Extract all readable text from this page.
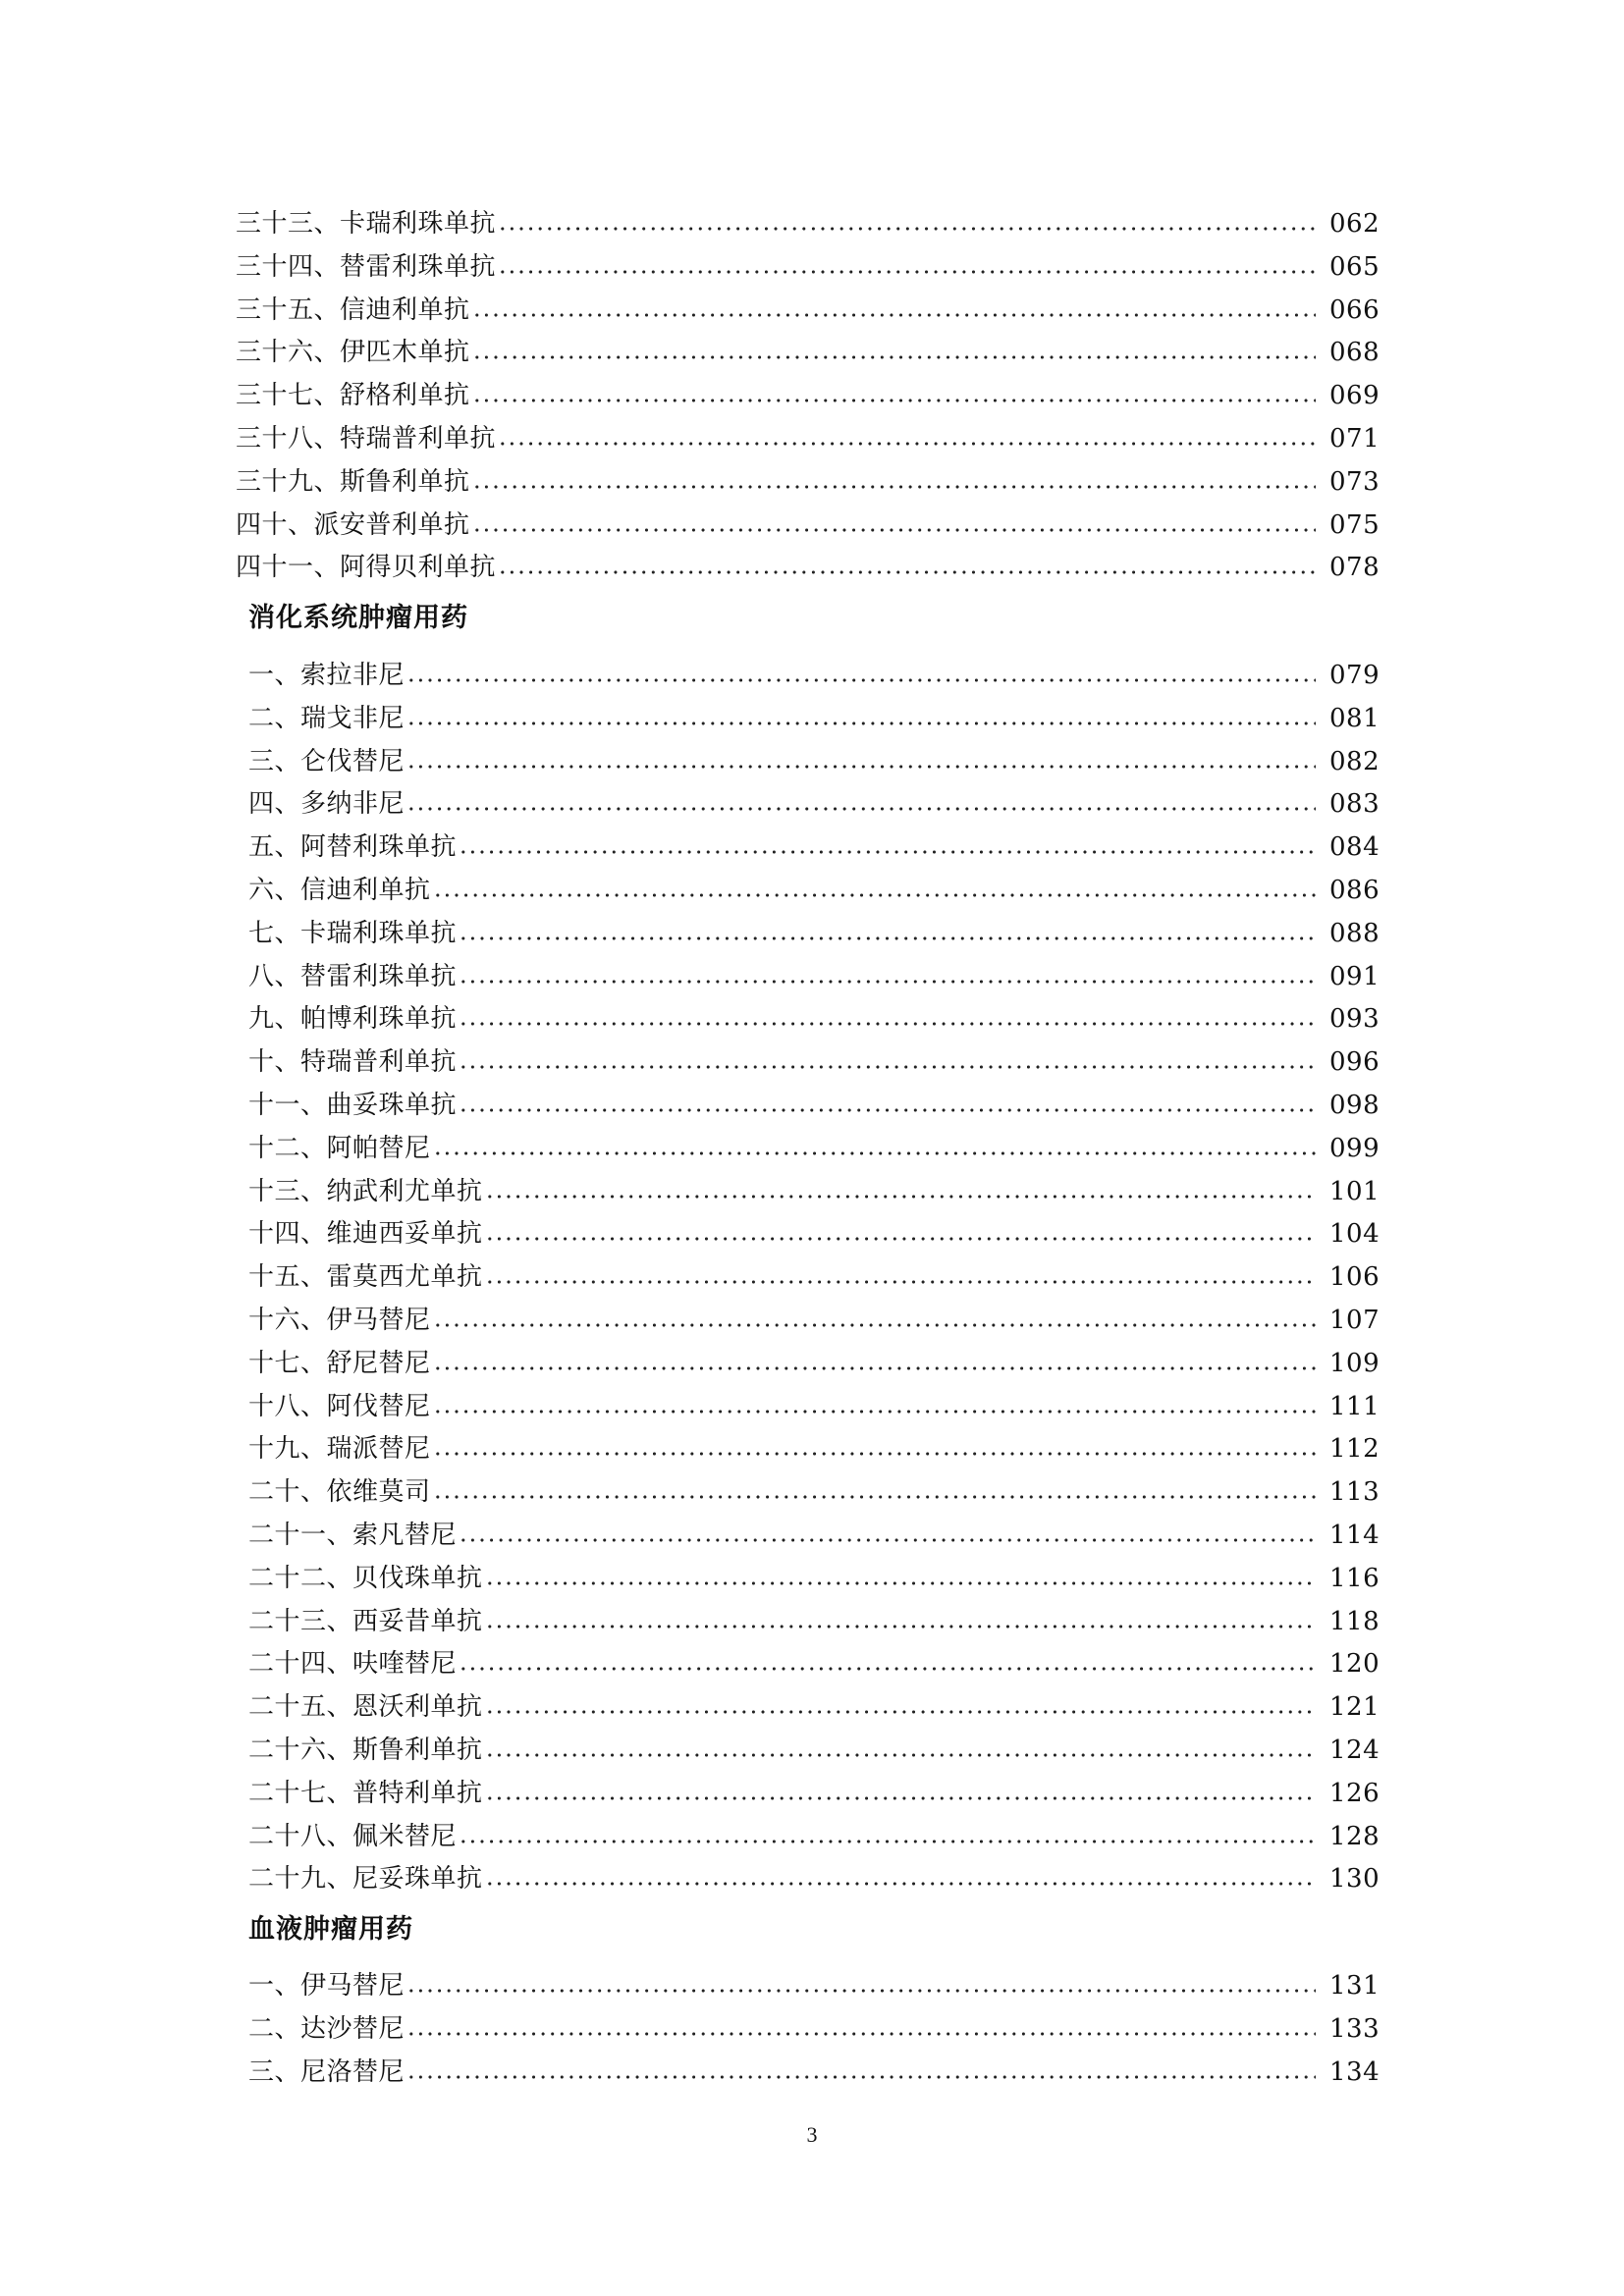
三十三、卡瑞利珠单抗	062
三十四、替雷利珠单抗	065
三十五、信迪利单抗	066
三十六、伊匹木单抗	068
三十七、舒格利单抗	069
三十八、特瑞普利单抗	071
三十九、斯鲁利单抗	073
四十、派安普利单抗	075
四十一、阿得贝利单抗	078
消化系统肿瘤用药
一、索拉非尼	079
二、瑞戈非尼	081
三、仑伐替尼	082
四、多纳非尼	083
五、阿替利珠单抗	084
六、信迪利单抗	086
七、卡瑞利珠单抗	088
八、替雷利珠单抗	091
九、帕博利珠单抗	093
十、特瑞普利单抗	096
十一、曲妥珠单抗	098
十二、阿帕替尼	099
十三、纳武利尤单抗	101
十四、维迪西妥单抗	104
十五、雷莫西尤单抗	106
十六、伊马替尼	107
十七、舒尼替尼	109
十八、阿伐替尼	111
十九、瑞派替尼	112
二十、依维莫司	113
二十一、索凡替尼	114
二十二、贝伐珠单抗	116
二十三、西妥昔单抗	118
二十四、呋喹替尼	120
二十五、恩沃利单抗	121
二十六、斯鲁利单抗	124
二十七、普特利单抗	126
二十八、佩米替尼	128
二十九、尼妥珠单抗	130
血液肿瘤用药
一、伊马替尼	131
二、达沙替尼	133
三、尼洛替尼	134
3
